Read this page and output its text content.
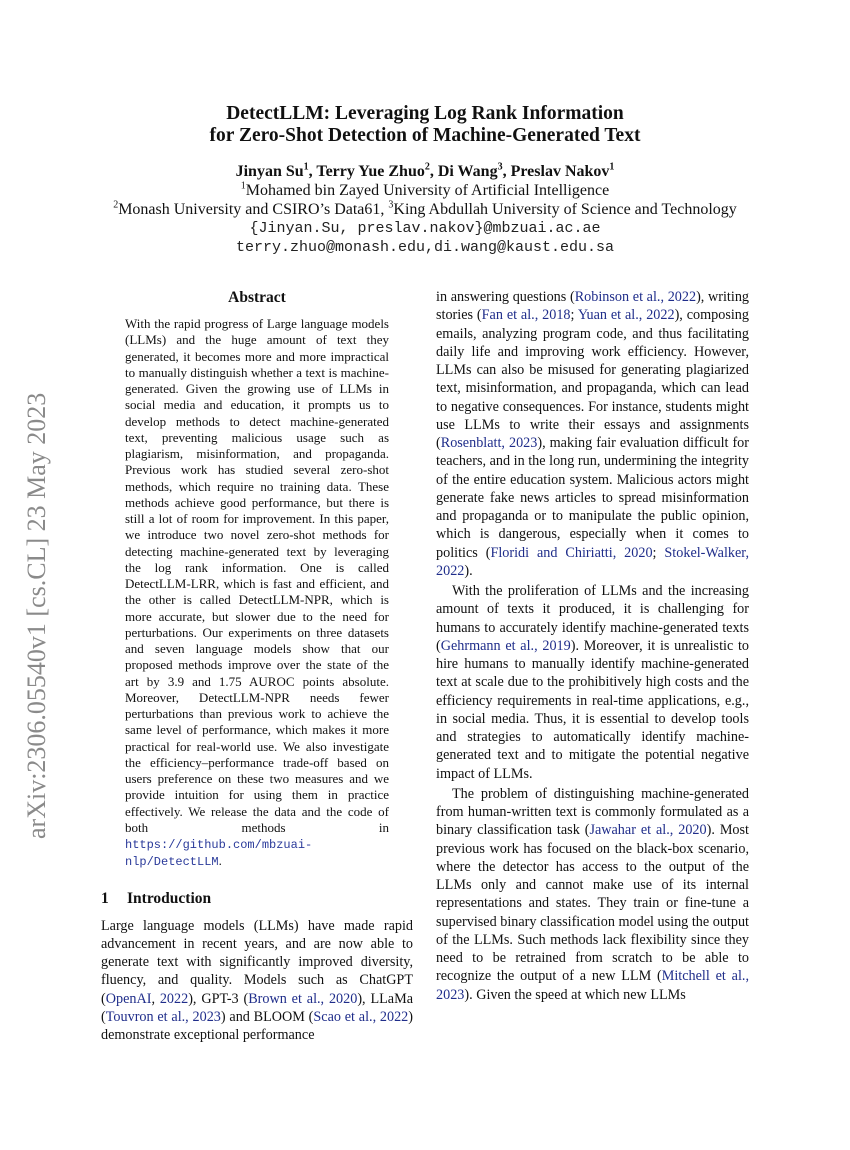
arXiv:2306.05540v1 [cs.CL] 23 May 2023
DetectLLM: Leveraging Log Rank Information
for Zero-Shot Detection of Machine-Generated Text
Jinyan Su$^1$, Terry Yue Zhuo$^2$, Di Wang$^3$, Preslav Nakov$^1$
$^1$Mohamed bin Zayed University of Artificial Intelligence
$^2$Monash University and CSIRO’s Data61, $^3$King Abdullah University of Science and Technology
{Jinyan.Su, preslav.nakov}@mbzuai.ac.ae
terry.zhuo@monash.edu,di.wang@kaust.edu.sa
Abstract
With the rapid progress of Large language models (LLMs) and the huge amount of text they generated, it becomes more and more impractical to manually distinguish whether a text is machine-generated. Given the growing use of LLMs in social media and education, it prompts us to develop methods to detect machine-generated text, preventing malicious usage such as plagiarism, misinformation, and propaganda. Previous work has studied several zero-shot methods, which require no training data. These methods achieve good performance, but there is still a lot of room for improvement. In this paper, we introduce two novel zero-shot methods for detecting machine-generated text by leveraging the log rank information. One is called DetectLLM-LRR, which is fast and efficient, and the other is called DetectLLM-NPR, which is more accurate, but slower due to the need for perturbations. Our experiments on three datasets and seven language models show that our proposed methods improve over the state of the art by 3.9 and 1.75 AUROC points absolute. Moreover, DetectLLM-NPR needs fewer perturbations than previous work to achieve the same level of performance, which makes it more practical for real-world use. We also investigate the efficiency–performance trade-off based on users preference on these two measures and we provide intuition for using them in practice effectively. We release the data and the code of both methods in https://github.com/mbzuai-nlp/DetectLLM.
1 Introduction

Large language models (LLMs) have made rapid advancement in recent years, and are now able to generate text with significantly improved diversity, fluency, and quality. Models such as ChatGPT (OpenAI, 2022), GPT-3 (Brown et al., 2020), LLaMa (Touvron et al., 2023) and BLOOM (Scao et al., 2022) demonstrate exceptional performance

in answering questions (Robinson et al., 2022), writing stories (Fan et al., 2018; Yuan et al., 2022), composing emails, analyzing program code, and thus facilitating daily life and improving work efficiency. However, LLMs can also be misused for generating plagiarized text, misinformation, and propaganda, which can lead to negative consequences. For instance, students might use LLMs to write their essays and assignments (Rosenblatt, 2023), making fair evaluation difficult for teachers, and in the long run, undermining the integrity of the entire education system. Malicious actors might generate fake news articles to spread misinformation and propaganda or to manipulate the public opinion, which is dangerous, especially when it comes to politics (Floridi and Chiriatti, 2020; Stokel-Walker, 2022).

With the proliferation of LLMs and the increasing amount of texts it produced, it is challenging for humans to accurately identify machine-generated texts (Gehrmann et al., 2019). Moreover, it is unrealistic to hire humans to manually identify machine-generated text at scale due to the prohibitively high costs and the efficiency requirements in real-time applications, e.g., in social media. Thus, it is essential to develop tools and strategies to automatically identify machine-generated text and to mitigate the potential negative impact of LLMs.

The problem of distinguishing machine-generated from human-written text is commonly formulated as a binary classification task (Jawahar et al., 2020). Most previous work has focused on the black-box scenario, where the detector has access to the output of the LLMs only and cannot make use of its internal representations and states. They train or fine-tune a supervised binary classification model using the output of the LLMs. Such methods lack flexibility since they need to be retrained from scratch to be able to recognize the output of a new LLM (Mitchell et al., 2023). Given the speed at which new LLMs
